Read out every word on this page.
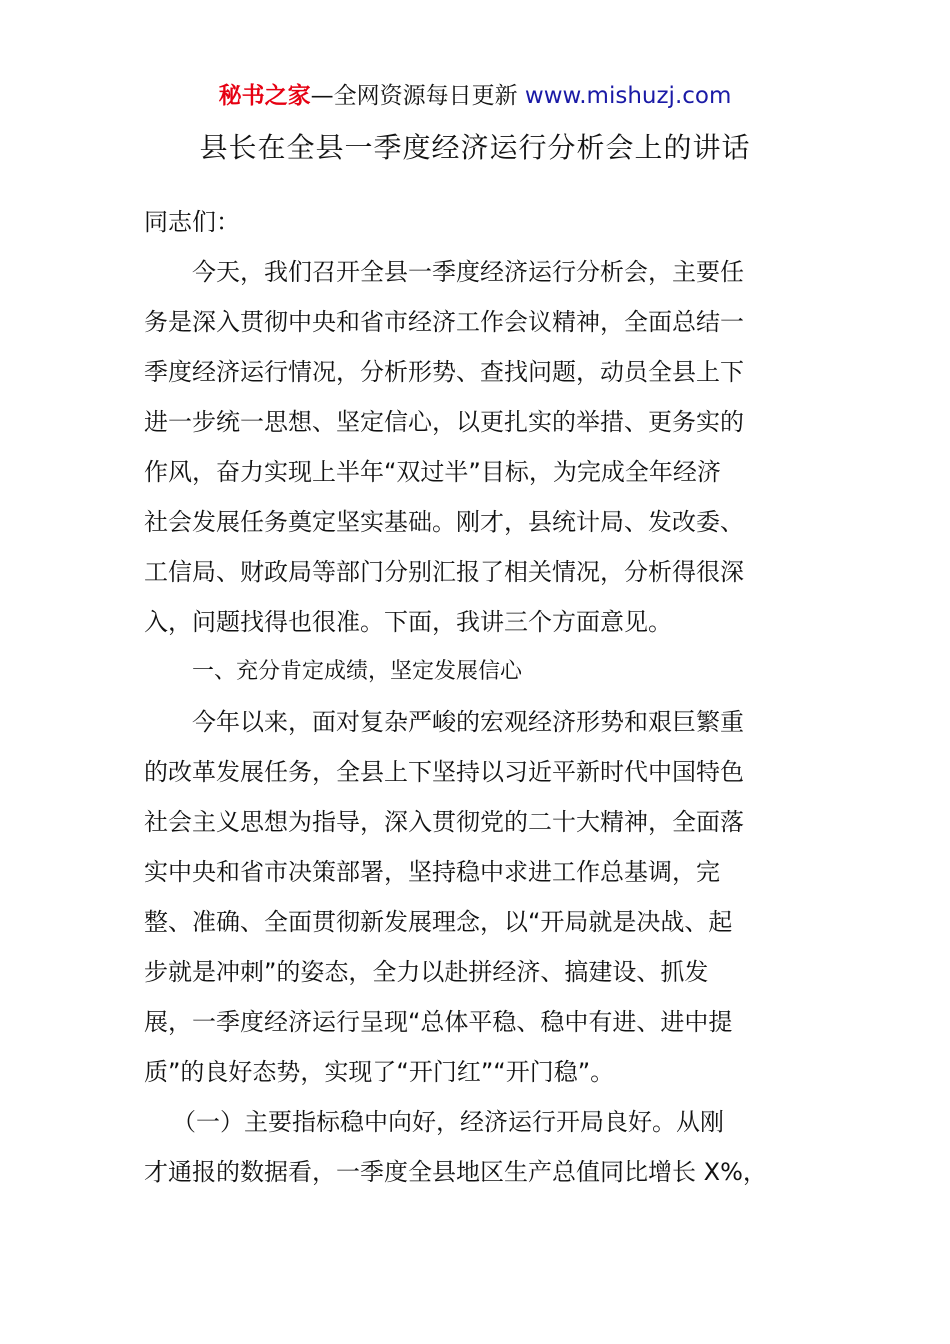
秘书之家—全网资源每日更新 www.mishuzj.com
县长在全县一季度经济运行分析会上的讲话
同志们：
今天，我们召开全县一季度经济运行分析会，主要任
务是深入贯彻中央和省市经济工作会议精神，全面总结一
季度经济运行情况，分析形势、查找问题，动员全县上下
进一步统一思想、坚定信心，以更扎实的举措、更务实的
作风，奋力实现上半年“双过半”目标，为完成全年经济
社会发展任务奠定坚实基础。刚才，县统计局、发改委、
工信局、财政局等部门分别汇报了相关情况，分析得很深
入，问题找得也很准。下面，我讲三个方面意见。
一、充分肯定成绩，坚定发展信心
今年以来，面对复杂严峻的宏观经济形势和艰巨繁重
的改革发展任务，全县上下坚持以习近平新时代中国特色
社会主义思想为指导，深入贯彻党的二十大精神，全面落
实中央和省市决策部署，坚持稳中求进工作总基调，完
整、准确、全面贯彻新发展理念，以“开局就是决战、起
步就是冲刺”的姿态，全力以赴拼经济、搞建设、抓发
展，一季度经济运行呈现“总体平稳、稳中有进、进中提
质”的良好态势，实现了“开门红”“开门稳”。
（一）主要指标稳中向好，经济运行开局良好。从刚
才通报的数据看，一季度全县地区生产总值同比增长 X%，
